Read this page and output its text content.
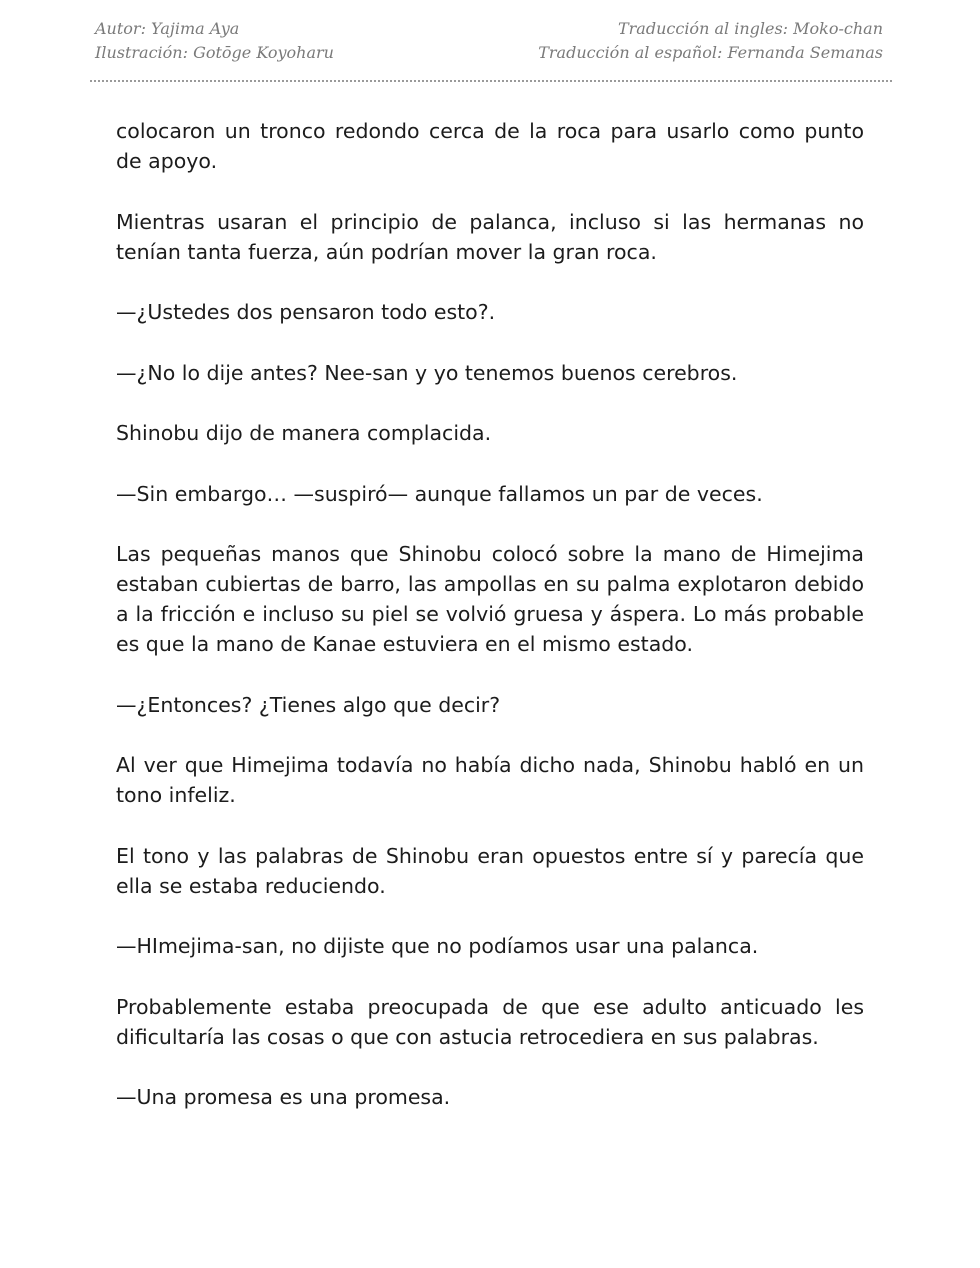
Autor: Yajima Aya	Traducción al ingles: Moko-chan
Ilustración: Gotōge Koyoharu	Traducción al español: Fernanda Semanas

colocaron un tronco redondo cerca de la roca para usarlo como punto de apoyo.

Mientras usaran el principio de palanca, incluso si las hermanas no tenían tanta fuerza, aún podrían mover la gran roca.

—¿Ustedes dos pensaron todo esto?.

—¿No lo dije antes? Nee-san y yo tenemos buenos cerebros.

Shinobu dijo de manera complacida.

—Sin embargo… —suspiró— aunque fallamos un par de veces.

Las pequeñas manos que Shinobu colocó sobre la mano de Himejima estaban cubiertas de barro, las ampollas en su palma explotaron debido a la fricción e incluso su piel se volvió gruesa y áspera. Lo más probable es que la mano de Kanae estuviera en el mismo estado.

—¿Entonces? ¿Tienes algo que decir?

Al ver que Himejima todavía no había dicho nada, Shinobu habló en un tono infeliz.

El tono y las palabras de Shinobu eran opuestos entre sí y parecía que ella se estaba reduciendo.

—HImejima-san, no dijiste que no podíamos usar una palanca.

Probablemente estaba preocupada de que ese adulto anticuado les dificultaría las cosas o que con astucia retrocediera en sus palabras.

—Una promesa es una promesa.
